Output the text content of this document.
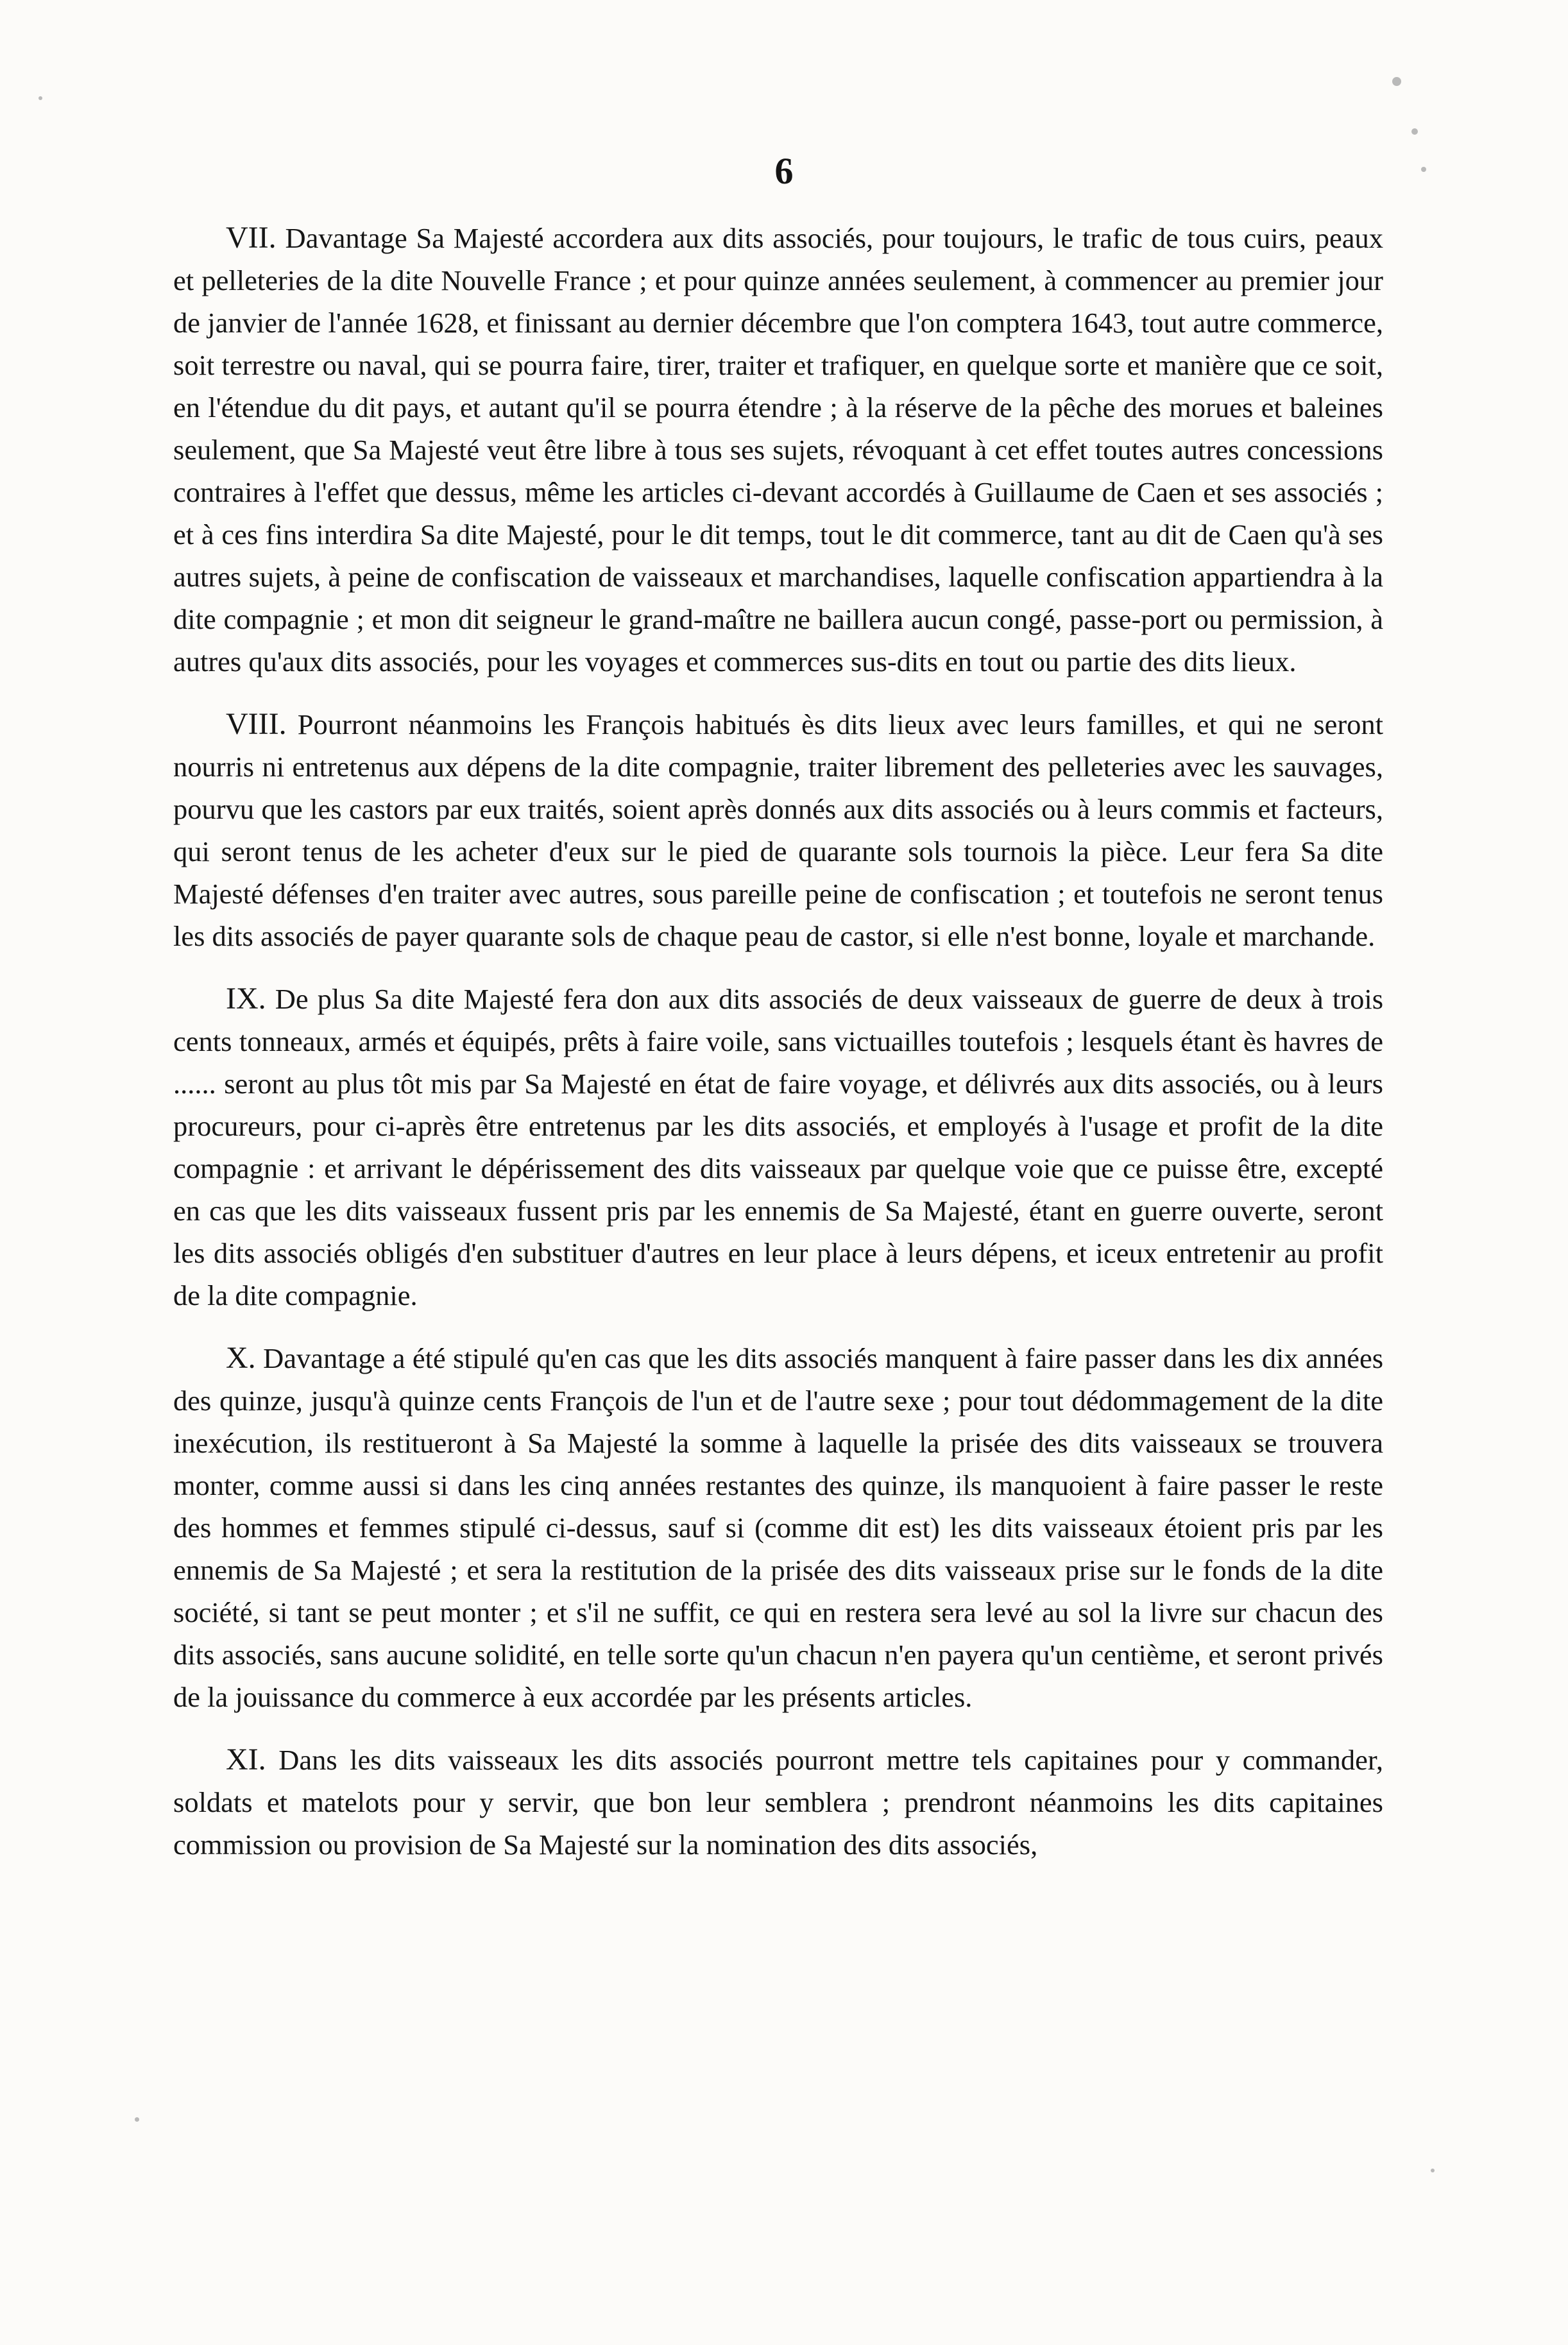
6

VII. Davantage Sa Majesté accordera aux dits associés, pour toujours, le trafic de tous cuirs, peaux et pelleteries de la dite Nouvelle France ; et pour quinze années seulement, à commencer au premier jour de janvier de l'année 1628, et finissant au dernier décembre que l'on comptera 1643, tout autre commerce, soit terrestre ou naval, qui se pourra faire, tirer, traiter et trafiquer, en quelque sorte et manière que ce soit, en l'étendue du dit pays, et autant qu'il se pourra étendre ; à la réserve de la pêche des morues et baleines seulement, que Sa Majesté veut être libre à tous ses sujets, révoquant à cet effet toutes autres concessions contraires à l'effet que dessus, même les articles ci-devant accordés à Guillaume de Caen et ses associés ; et à ces fins interdira Sa dite Majesté, pour le dit temps, tout le dit commerce, tant au dit de Caen qu'à ses autres sujets, à peine de confiscation de vaisseaux et marchandises, laquelle confiscation appartiendra à la dite compagnie ; et mon dit seigneur le grand-maître ne baillera aucun congé, passe-port ou permission, à autres qu'aux dits associés, pour les voyages et commerces sus-dits en tout ou partie des dits lieux.

VIII. Pourront néanmoins les François habitués ès dits lieux avec leurs familles, et qui ne seront nourris ni entretenus aux dépens de la dite compagnie, traiter librement des pelleteries avec les sauvages, pourvu que les castors par eux traités, soient après donnés aux dits associés ou à leurs commis et facteurs, qui seront tenus de les acheter d'eux sur le pied de quarante sols tournois la pièce. Leur fera Sa dite Majesté défenses d'en traiter avec autres, sous pareille peine de confiscation ; et toutefois ne seront tenus les dits associés de payer quarante sols de chaque peau de castor, si elle n'est bonne, loyale et marchande.

IX. De plus Sa dite Majesté fera don aux dits associés de deux vaisseaux de guerre de deux à trois cents tonneaux, armés et équipés, prêts à faire voile, sans victuailles toutefois ; lesquels étant ès havres de ...... seront au plus tôt mis par Sa Majesté en état de faire voyage, et délivrés aux dits associés, ou à leurs procureurs, pour ci-après être entretenus par les dits associés, et employés à l'usage et profit de la dite compagnie : et arrivant le dépérissement des dits vaisseaux par quelque voie que ce puisse être, excepté en cas que les dits vaisseaux fussent pris par les ennemis de Sa Majesté, étant en guerre ouverte, seront les dits associés obligés d'en substituer d'autres en leur place à leurs dépens, et iceux entretenir au profit de la dite compagnie.

X. Davantage a été stipulé qu'en cas que les dits associés manquent à faire passer dans les dix années des quinze, jusqu'à quinze cents François de l'un et de l'autre sexe ; pour tout dédommagement de la dite inexécution, ils restitueront à Sa Majesté la somme à laquelle la prisée des dits vaisseaux se trouvera monter, comme aussi si dans les cinq années restantes des quinze, ils manquoient à faire passer le reste des hommes et femmes stipulé ci-dessus, sauf si (comme dit est) les dits vaisseaux étoient pris par les ennemis de Sa Majesté ; et sera la restitution de la prisée des dits vaisseaux prise sur le fonds de la dite société, si tant se peut monter ; et s'il ne suffit, ce qui en restera sera levé au sol la livre sur chacun des dits associés, sans aucune solidité, en telle sorte qu'un chacun n'en payera qu'un centième, et seront privés de la jouissance du commerce à eux accordée par les présents articles.

XI. Dans les dits vaisseaux les dits associés pourront mettre tels capitaines pour y commander, soldats et matelots pour y servir, que bon leur semblera ; prendront néanmoins les dits capitaines commission ou provision de Sa Majesté sur la nomination des dits associés,
